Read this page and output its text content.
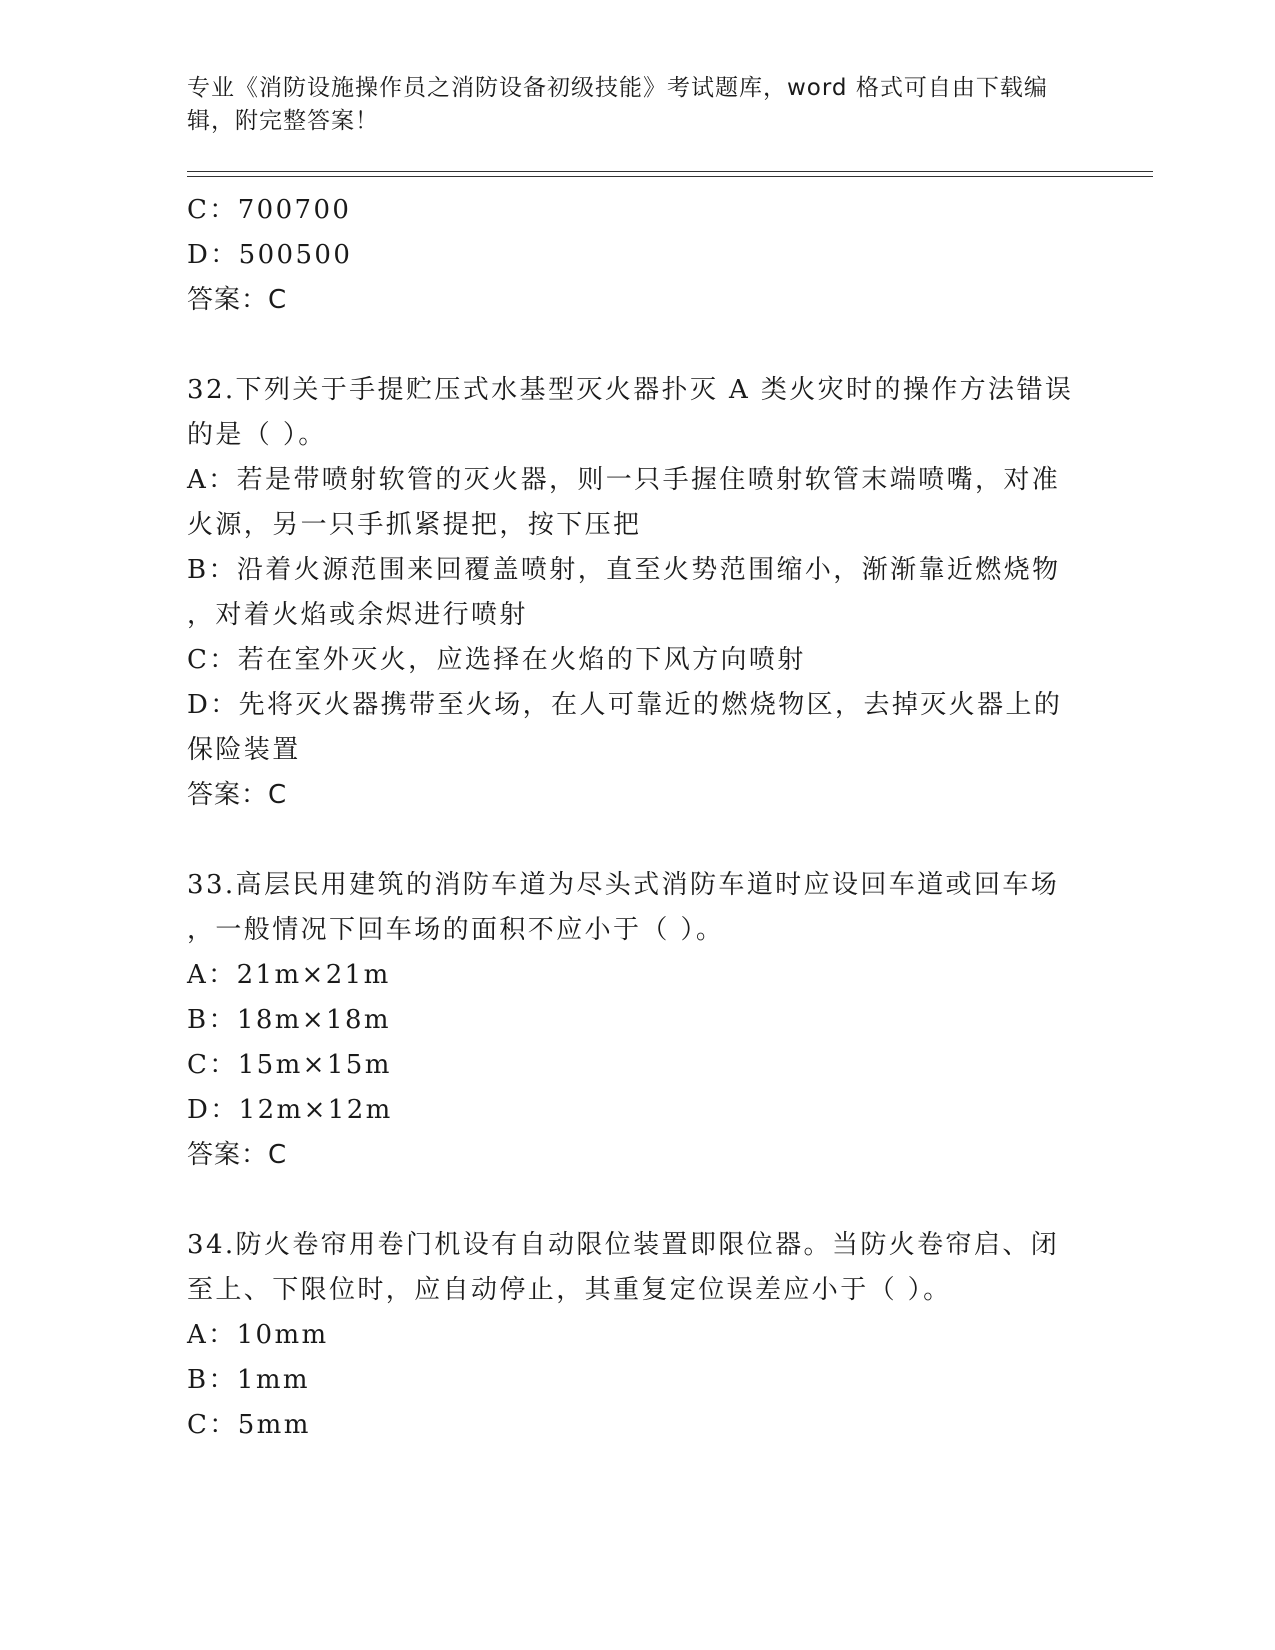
专业《消防设施操作员之消防设备初级技能》考试题库，word 格式可自由下载编
辑，附完整答案！
C：700700
D：500500
答案：C
32.下列关于手提贮压式水基型灭火器扑灭 A 类火灾时的操作方法错误
的是（ ）。
A：若是带喷射软管的灭火器，则一只手握住喷射软管末端喷嘴，对准
火源，另一只手抓紧提把，按下压把
B：沿着火源范围来回覆盖喷射，直至火势范围缩小，渐渐靠近燃烧物
，对着火焰或余烬进行喷射
C：若在室外灭火，应选择在火焰的下风方向喷射
D：先将灭火器携带至火场，在人可靠近的燃烧物区，去掉灭火器上的
保险装置
答案：C
33.高层民用建筑的消防车道为尽头式消防车道时应设回车道或回车场
，一般情况下回车场的面积不应小于（ ）。
A：21m×21m
B：18m×18m
C：15m×15m
D：12m×12m
答案：C
34.防火卷帘用卷门机设有自动限位装置即限位器。当防火卷帘启、闭
至上、下限位时，应自动停止，其重复定位误差应小于（ ）。
A：10mm
B：1mm
C：5mm
